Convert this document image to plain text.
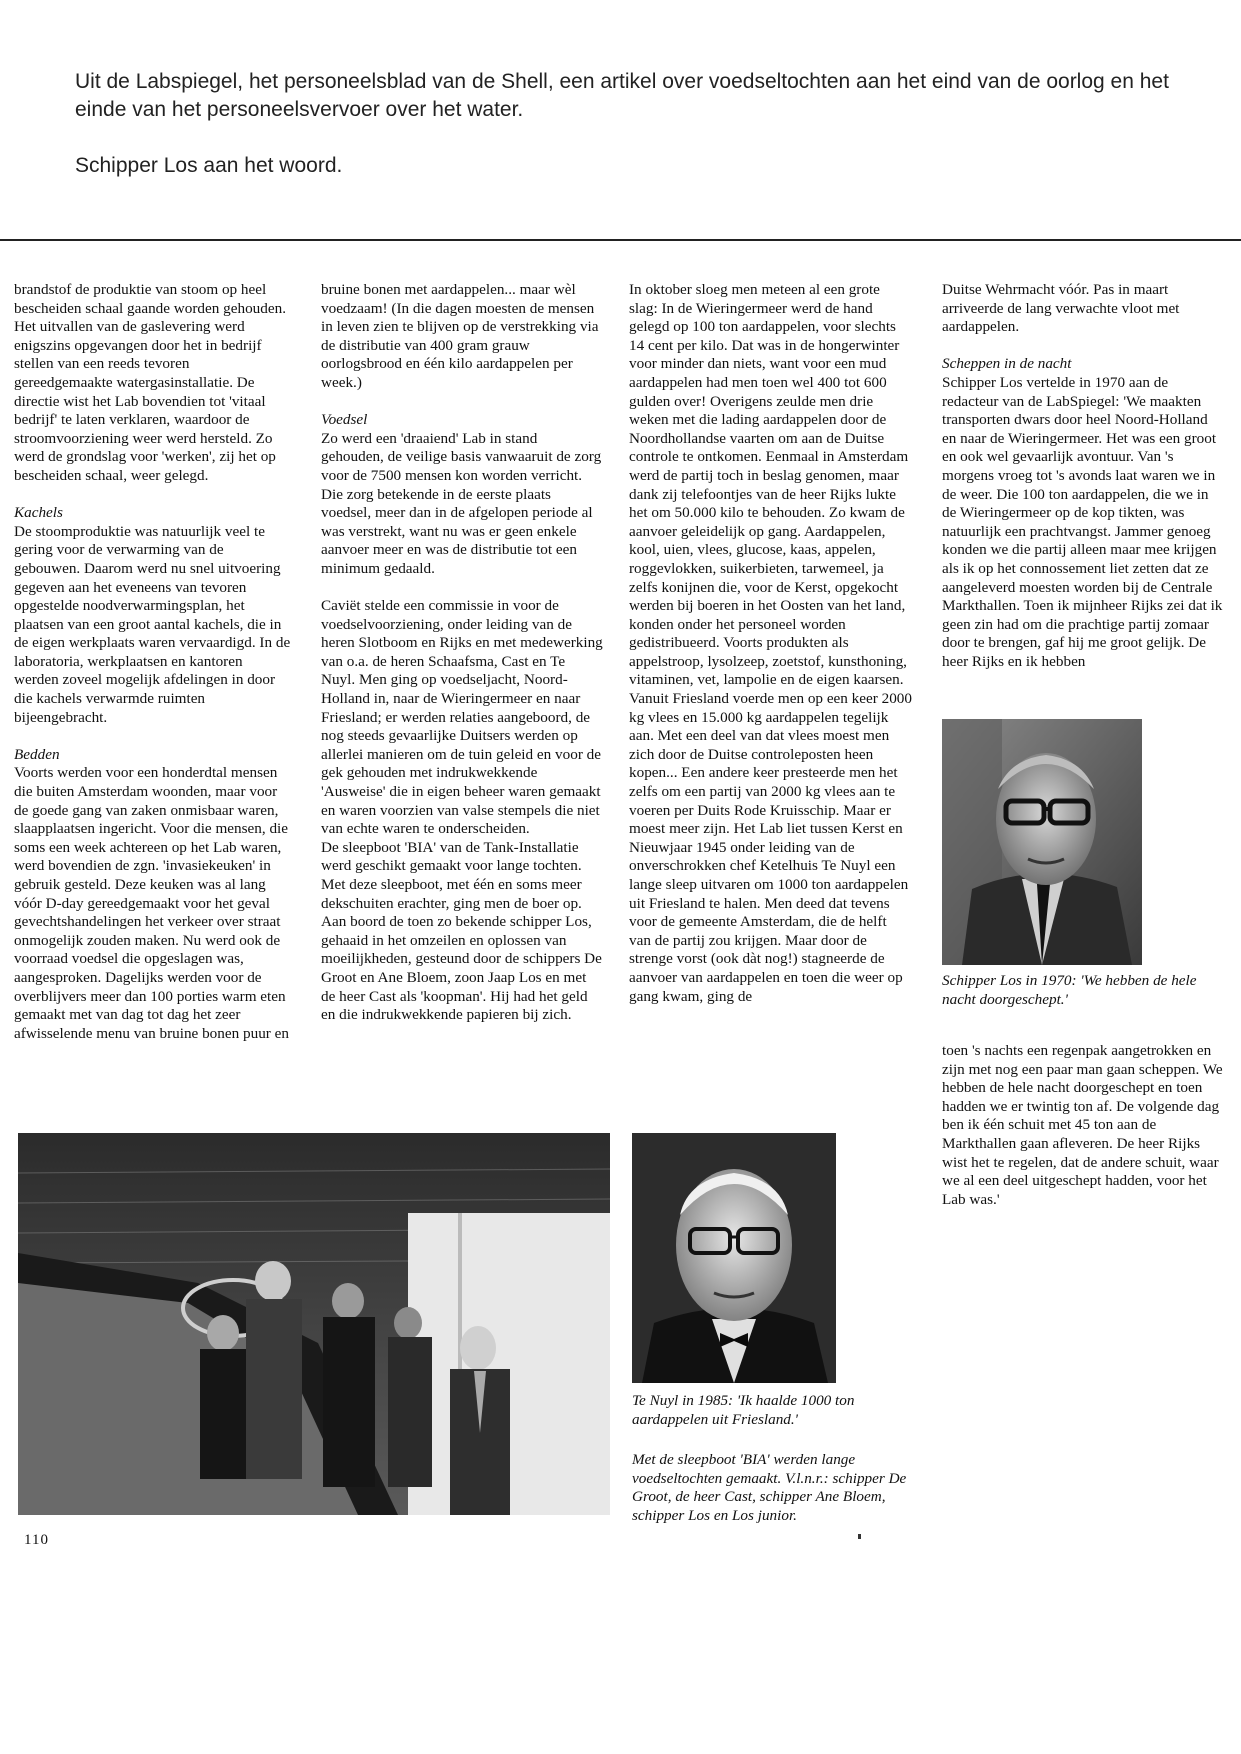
Uit de Labspiegel, het personeelsblad van de Shell, een artikel over voedseltochten aan het eind van de oorlog en het einde van het personeelsvervoer over het water.

Schipper Los aan het woord.

brandstof de produktie van stoom op heel bescheiden schaal gaande worden gehouden. Het uitvallen van de gaslevering werd enigszins opgevangen door het in bedrijf stellen van een reeds tevoren gereedgemaakte watergasinstallatie. De directie wist het Lab bovendien tot 'vitaal bedrijf' te laten verklaren, waardoor de stroomvoorziening weer werd hersteld. Zo werd de grondslag voor 'werken', zij het op bescheiden schaal, weer gelegd.

Kachels

De stoomproduktie was natuurlijk veel te gering voor de verwarming van de gebouwen. Daarom werd nu snel uitvoering gegeven aan het eveneens van tevoren opgestelde noodverwarmingsplan, het plaatsen van een groot aantal kachels, die in de eigen werkplaats waren vervaardigd. In de laboratoria, werkplaatsen en kantoren werden zoveel mogelijk afdelingen in door die kachels verwarmde ruimten bijeengebracht.

Bedden

Voorts werden voor een honderdtal mensen die buiten Amsterdam woonden, maar voor de goede gang van zaken onmisbaar waren, slaapplaatsen ingericht. Voor die mensen, die soms een week achtereen op het Lab waren, werd bovendien de zgn. 'invasiekeuken' in gebruik gesteld. Deze keuken was al lang vóór D-day gereedgemaakt voor het geval gevechtshandelingen het verkeer over straat onmogelijk zouden maken. Nu werd ook de voorraad voedsel die opgeslagen was, aangesproken. Dagelijks werden voor de overblijvers meer dan 100 porties warm eten gemaakt met van dag tot dag het zeer afwisselende menu van bruine bonen puur en

bruine bonen met aardappelen... maar wèl voedzaam! (In die dagen moesten de mensen in leven zien te blijven op de verstrekking via de distributie van 400 gram grauw oorlogsbrood en één kilo aardappelen per week.)

Voedsel

Zo werd een 'draaiend' Lab in stand gehouden, de veilige basis vanwaaruit de zorg voor de 7500 mensen kon worden verricht. Die zorg betekende in de eerste plaats voedsel, meer dan in de afgelopen periode al was verstrekt, want nu was er geen enkele aanvoer meer en was de distributie tot een minimum gedaald.

Caviët stelde een commissie in voor de voedselvoorziening, onder leiding van de heren Slotboom en Rijks en met medewerking van o.a. de heren Schaafsma, Cast en Te Nuyl. Men ging op voedseljacht, Noord-Holland in, naar de Wieringermeer en naar Friesland; er werden relaties aangeboord, de nog steeds gevaarlijke Duitsers werden op allerlei manieren om de tuin geleid en voor de gek gehouden met indrukwekkende 'Ausweise' die in eigen beheer waren gemaakt en waren voorzien van valse stempels die niet van echte waren te onderscheiden.

De sleepboot 'BIA' van de Tank-Installatie werd geschikt gemaakt voor lange tochten. Met deze sleepboot, met één en soms meer dekschuiten erachter, ging men de boer op. Aan boord de toen zo bekende schipper Los, gehaaid in het omzeilen en oplossen van moeilijkheden, gesteund door de schippers De Groot en Ane Bloem, zoon Jaap Los en met de heer Cast als 'koopman'. Hij had het geld en die indrukwekkende papieren bij zich.

In oktober sloeg men meteen al een grote slag: In de Wieringermeer werd de hand gelegd op 100 ton aardappelen, voor slechts 14 cent per kilo. Dat was in de hongerwinter voor minder dan niets, want voor een mud aardappelen had men toen wel 400 tot 600 gulden over! Overigens zeulde men drie weken met die lading aardappelen door de Noordhollandse vaarten om aan de Duitse controle te ontkomen. Eenmaal in Amsterdam werd de partij toch in beslag genomen, maar dank zij telefoontjes van de heer Rijks lukte het om 50.000 kilo te behouden. Zo kwam de aanvoer geleidelijk op gang. Aardappelen, kool, uien, vlees, glucose, kaas, appelen, roggevlokken, suikerbieten, tarwemeel, ja zelfs konijnen die, voor de Kerst, opgekocht werden bij boeren in het Oosten van het land, konden onder het personeel worden gedistribueerd. Voorts produkten als appelstroop, lysolzeep, zoetstof, kunsthoning, vitaminen, vet, lampolie en de eigen kaarsen.

Vanuit Friesland voerde men op een keer 2000 kg vlees en 15.000 kg aardappelen tegelijk aan. Met een deel van dat vlees moest men zich door de Duitse controleposten heen kopen... Een andere keer presteerde men het zelfs om een partij van 2000 kg vlees aan te voeren per Duits Rode Kruisschip. Maar er moest meer zijn. Het Lab liet tussen Kerst en Nieuwjaar 1945 onder leiding van de onverschrokken chef Ketelhuis Te Nuyl een lange sleep uitvaren om 1000 ton aardappelen uit Friesland te halen. Men deed dat tevens voor de gemeente Amsterdam, die de helft van de partij zou krijgen. Maar door de strenge vorst (ook dàt nog!) stagneerde de aanvoer van aardappelen en toen die weer op gang kwam, ging de

Duitse Wehrmacht vóór. Pas in maart arriveerde de lang verwachte vloot met aardappelen.

Scheppen in de nacht

Schipper Los vertelde in 1970 aan de redacteur van de LabSpiegel: 'We maakten transporten dwars door heel Noord-Holland en naar de Wieringermeer. Het was een groot en ook wel gevaarlijk avontuur. Van 's morgens vroeg tot 's avonds laat waren we in de weer. Die 100 ton aardappelen, die we in de Wieringermeer op de kop tikten, was natuurlijk een prachtvangst. Jammer genoeg konden we die partij alleen maar mee krijgen als ik op het connossement liet zetten dat ze aangeleverd moesten worden bij de Centrale Markthallen. Toen ik mijnheer Rijks zei dat ik geen zin had om die prachtige partij zomaar door te brengen, gaf hij me groot gelijk. De heer Rijks en ik hebben

Schipper Los in 1970: 'We hebben de hele nacht doorgeschept.'

toen 's nachts een regenpak aangetrokken en zijn met nog een paar man gaan scheppen. We hebben de hele nacht doorgeschept en toen hadden we er twintig ton af. De volgende dag ben ik één schuit met 45 ton aan de Markthallen gaan afleveren. De heer Rijks wist het te regelen, dat de andere schuit, waar we al een deel uitgeschept hadden, voor het Lab was.'

Te Nuyl in 1985: 'Ik haalde 1000 ton aardappelen uit Friesland.'

Met de sleepboot 'BIA' werden lange voedseltochten gemaakt. V.l.n.r.: schipper De Groot, de heer Cast, schipper Ane Bloem, schipper Los en Los junior.

110
